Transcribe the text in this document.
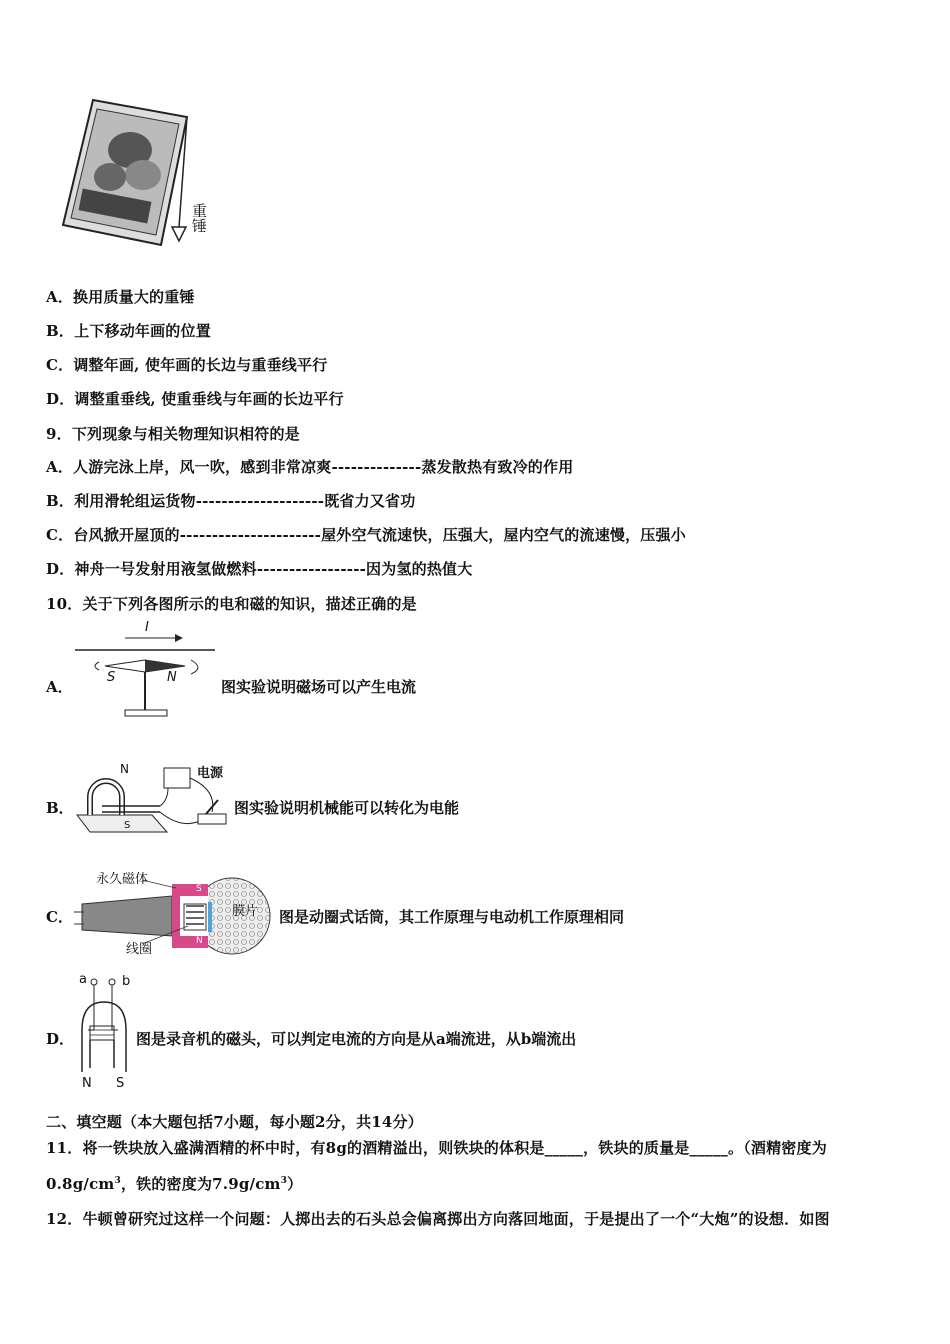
重锤
A．换用质量大的重锤
B．上下移动年画的位置
C．调整年画, 使年画的长边与重垂线平行
D．调整重垂线, 使重垂线与年画的长边平行
9．下列现象与相关物理知识相符的是
A．人游完泳上岸，风一吹，感到非常凉爽--------------蒸发散热有致冷的作用
B．利用滑轮组运货物--------------------既省力又省功
C．台风掀开屋顶的----------------------屋外空气流速快，压强大，屋内空气的流速慢，压强小
D．神舟一号发射用液氢做燃料-----------------因为氢的热值大
10．关于下列各图所示的电和磁的知识，描述正确的是
A．
I
S	N
图实验说明磁场可以产生电流
B．
N
S
电源
图实验说明机械能可以转化为电能
C．
永久磁体
膜片
线圈
S
N
图是动圈式话筒，其工作原理与电动机工作原理相同
D．
a	b
N S
图是录音机的磁头，可以判定电流的方向是从a端流进，从b端流出
二、填空题（本大题包括7小题，每小题2分，共14分）
11．将一铁块放入盛满酒精的杯中时，有8g的酒精溢出，则铁块的体积是_____，铁块的质量是_____。（酒精密度为
$0.8g/cm^3$，铁的密度为$7.9g/cm^3$）
12．牛顿曾研究过这样一个问题：人掷出去的石头总会偏离掷出方向落回地面，于是提出了一个“大炮”的设想．如图
